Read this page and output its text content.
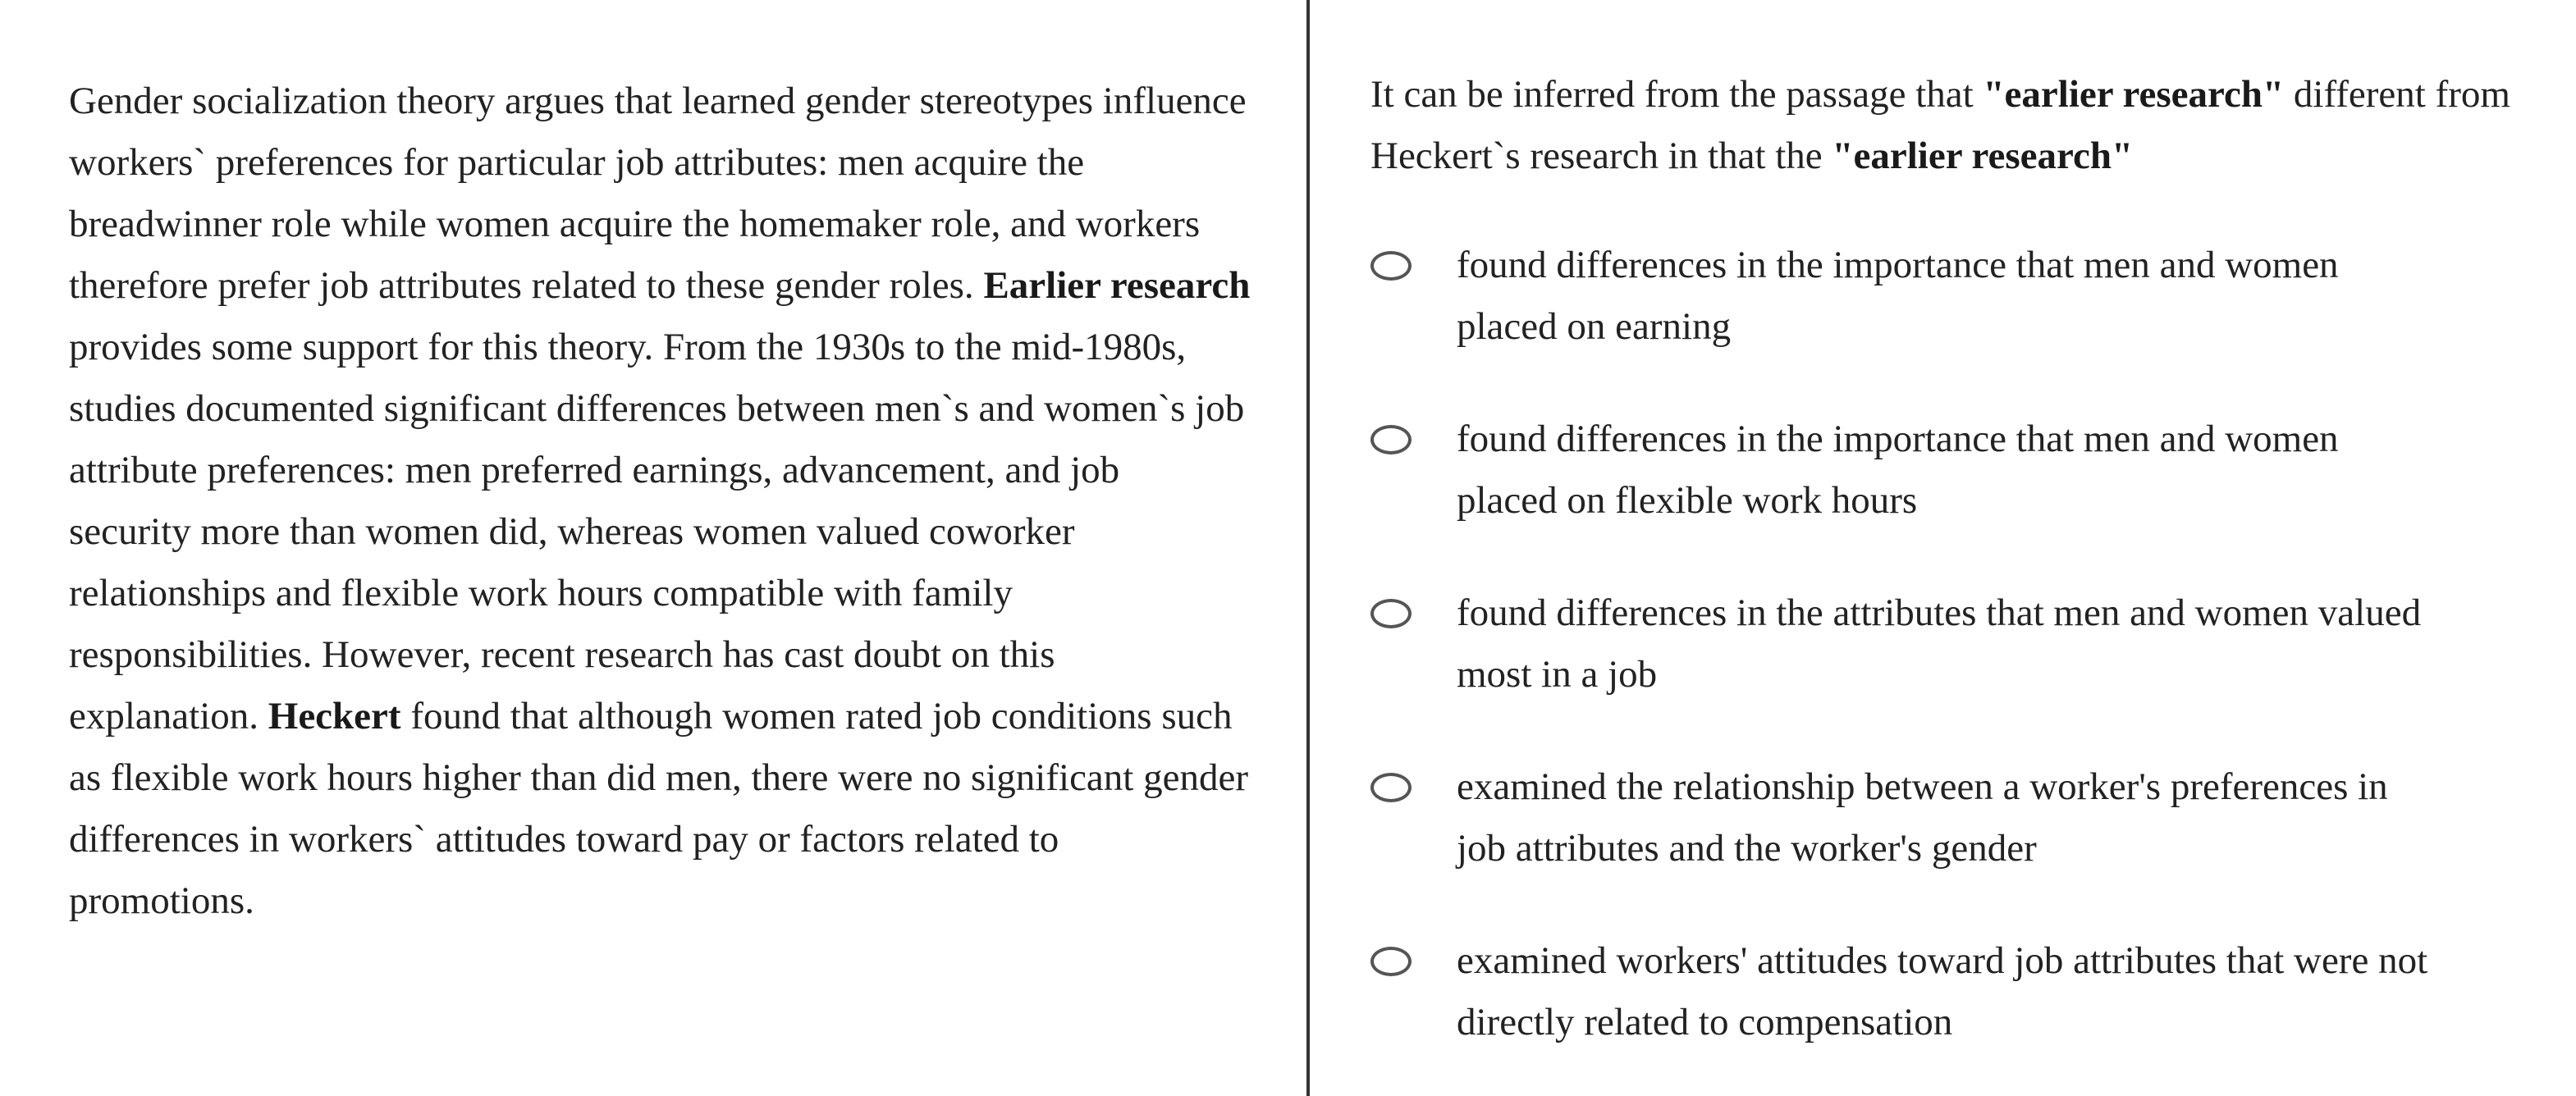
Gender socialization theory argues that learned gender stereotypes influence workers` preferences for particular job attributes: men acquire the breadwinner role while women acquire the homemaker role, and workers therefore prefer job attributes related to these gender roles. Earlier research provides some support for this theory. From the 1930s to the mid-1980s, studies documented significant differences between men`s and women`s job attribute preferences: men preferred earnings, advancement, and job security more than women did, whereas women valued coworker relationships and flexible work hours compatible with family responsibilities. However, recent research has cast doubt on this explanation. Heckert found that although women rated job conditions such as flexible work hours higher than did men, there were no significant gender differences in workers` attitudes toward pay or factors related to promotions.

It can be inferred from the passage that "earlier research" different from Heckert`s research in that the "earlier research"

found differences in the importance that men and women placed on earning
found differences in the importance that men and women placed on flexible work hours
found differences in the attributes that men and women valued most in a job
examined the relationship between a worker's preferences in job attributes and the worker's gender
examined workers' attitudes toward job attributes that were not directly related to compensation
